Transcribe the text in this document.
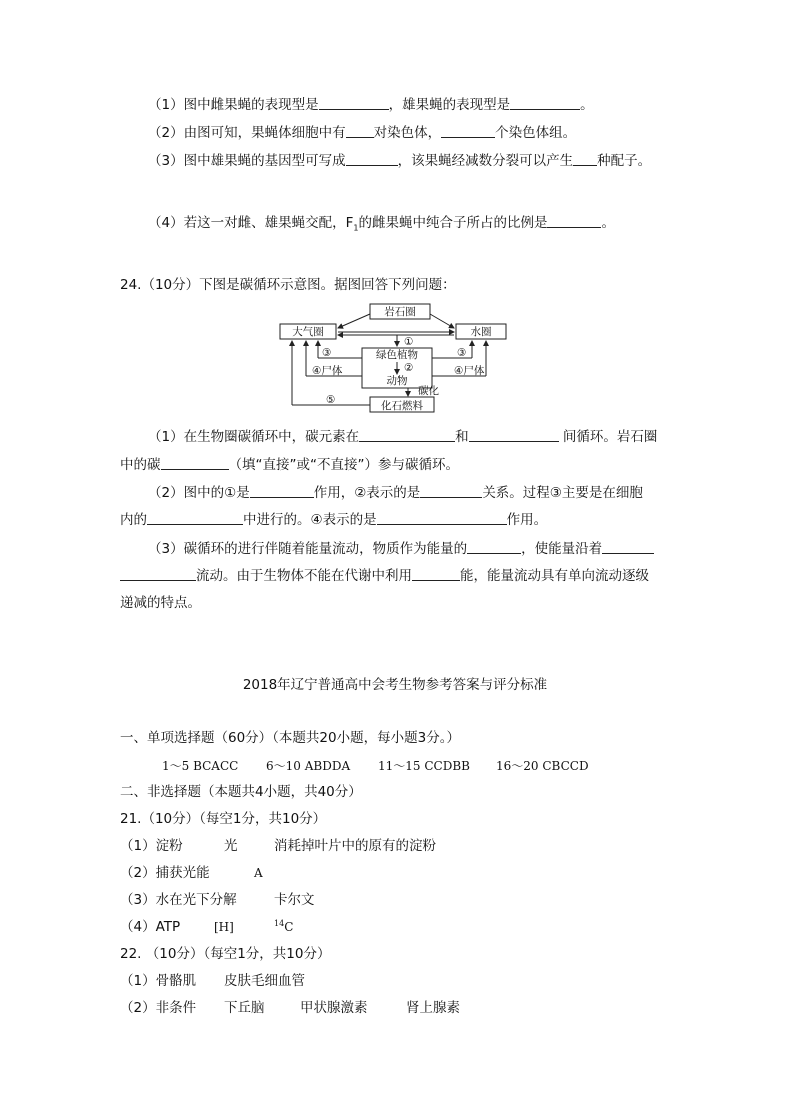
（1）图中雌果蝇的表现型是	，雄果蝇的表现型是	。
（2）由图可知，果蝇体细胞中有 对染色体，	个染色体组。
（3）图中雄果蝇的基因型可写成	，该果蝇经减数分裂可以产生 种配子。
（4）若这一对雌、雄果蝇交配，$F_1$的雌果蝇中纯合子所占的比例是	。
24.（10分）下图是碳循环示意图。据图回答下列问题：
岩石圈
大气圈	水圈
①
绿色植物
②
动物
碳化
化石燃料
③
④尸体
③
④尸体
⑤
（1）在生物圈碳循环中，碳元素在	和	间循环。岩石圈
中的碳	（填“直接”或“不直接”）参与碳循环。
（2）图中的①是	作用，②表示的是	关系。过程③主要是在细胞
内的	中进行的。④表示的是	作用。
（3）碳循环的进行伴随着能量流动，物质作为能量的	，使能量沿着
流动。由于生物体不能在代谢中利用	能，能量流动具有单向流动逐级
递减的特点。
2018年辽宁普通高中会考生物参考答案与评分标准
一、单项选择题（60分）（本题共20小题，每小题3分。）
1～5 BCACC 6～10 ABDDA 11～15 CCDBB 16～20 CBCCD
二、非选择题（本题共4小题，共40分）
21.（10分）（每空1分，共10分）
（1）淀粉	光	消耗掉叶片中的原有的淀粉
（2）捕获光能	A
（3）水在光下分解	卡尔文
（4）ATP	[H]	$^{14}$C
22. （10分）（每空1分，共10分）
（1）骨骼肌 皮肤毛细血管
（2）非条件 下丘脑	甲状腺激素	肾上腺素
